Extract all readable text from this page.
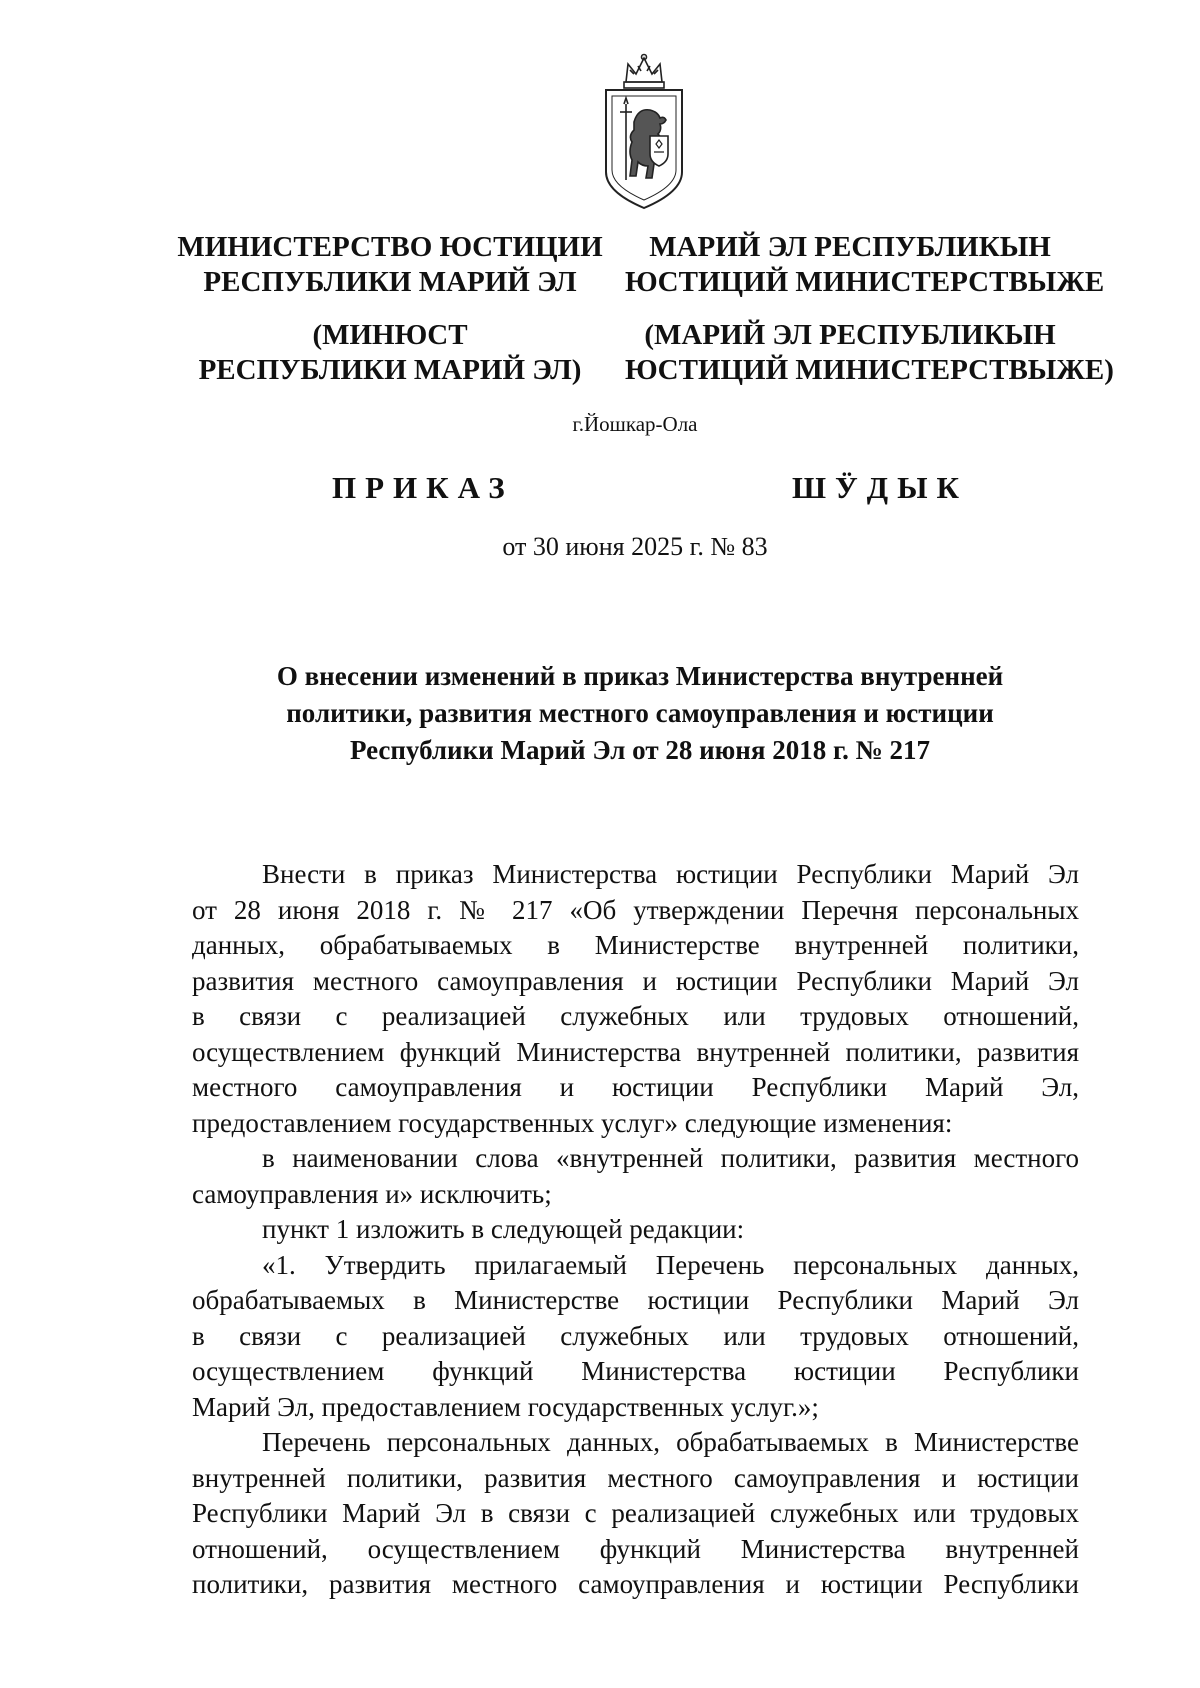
МИНИСТЕРСТВО ЮСТИЦИИ
РЕСПУБЛИКИ МАРИЙ ЭЛ
МАРИЙ ЭЛ РЕСПУБЛИКЫН
ЮСТИЦИЙ МИНИСТЕРСТВЫЖЕ
(МИНЮСТ
РЕСПУБЛИКИ МАРИЙ ЭЛ)
(МАРИЙ ЭЛ РЕСПУБЛИКЫН
ЮСТИЦИЙ МИНИСТЕРСТВЫЖЕ)
г.Йошкар-Ола
ПРИКАЗ	ШӰДЫК
от 30 июня 2025 г. № 83
О внесении изменений в приказ Министерства внутренней
политики, развития местного самоуправления и юстиции
Республики Марий Эл от 28 июня 2018 г. № 217
Внести в приказ Министерства юстиции Республики Марий Эл
от 28 июня 2018 г. № 217 «Об утверждении Перечня персональных
данных, обрабатываемых в Министерстве внутренней политики,
развития местного самоуправления и юстиции Республики Марий Эл
в связи с реализацией служебных или трудовых отношений,
осуществлением функций Министерства внутренней политики, развития
местного самоуправления и юстиции Республики Марий Эл,
предоставлением государственных услуг» следующие изменения:
в наименовании слова «внутренней политики, развития местного
самоуправления и» исключить;
пункт 1 изложить в следующей редакции:
«1. Утвердить прилагаемый Перечень персональных данных,
обрабатываемых в Министерстве юстиции Республики Марий Эл
в связи с реализацией служебных или трудовых отношений,
осуществлением функций Министерства юстиции Республики
Марий Эл, предоставлением государственных услуг.»;
Перечень персональных данных, обрабатываемых в Министерстве
внутренней политики, развития местного самоуправления и юстиции
Республики Марий Эл в связи с реализацией служебных или трудовых
отношений, осуществлением функций Министерства внутренней
политики, развития местного самоуправления и юстиции Республики
